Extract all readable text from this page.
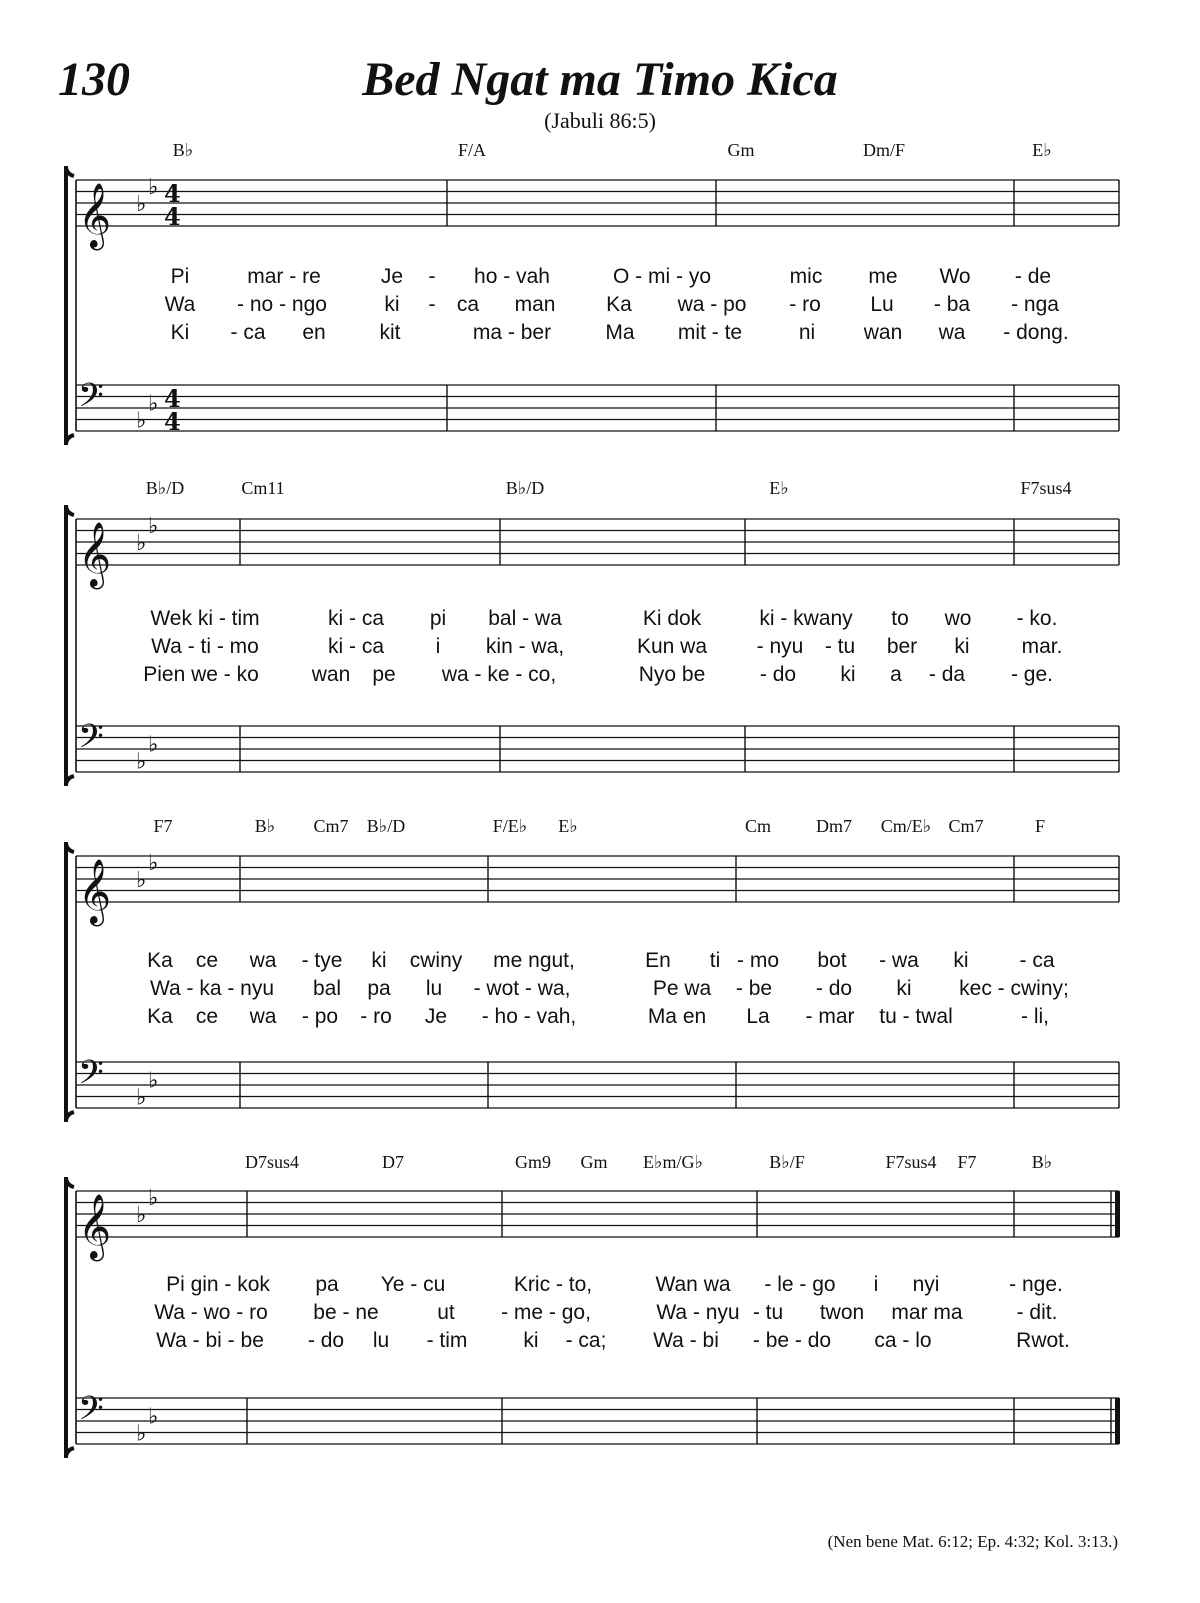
130	Bed Ngat ma Timo Kica
(Jabuli 86:5)
𝄞 ♭
♭ 4
4
𝄢 ♭
♭ 4
4
𝄞 ♭
♭
𝄢 ♭
♭
𝄞 ♭
♭
𝄢 ♭
♭
𝄞 ♭
♭
𝄢 ♭
♭
B♭	F/A	Gm	Dm/F	E♭
Pi	mar - re	Je - ho - vah	O - mi - yo	mic me Wo - de
Wa - no - ngo	ki - ca man Ka wa - po - ro Lu - ba - nga
Ki - ca en	kit	ma - ber	Ma mit - te	ni wan wa - dong.
B♭/D	Cm11	B♭/D	E♭	F7sus4
Wek ki - tim	ki - ca pi bal - wa	Ki dok	ki - kwany to wo - ko.
Wa - ti - mo	ki - ca i kin - wa,	Kun wa - nyu - tu ber ki mar.
Pien we - ko	wan pe wa - ke - co,	Nyo be	- do ki a - da - ge.
F7	B♭ Cm7 B♭/D	F/E♭ E♭	Cm Dm7 Cm/E♭ Cm7	F
Ka ce wa - tye ki cwiny me ngut,	En ti - mo bot - wa ki - ca
Wa - ka - nyu bal pa lu - wot - wa,	Pe wa - be - do ki kec - cwiny;
Ka ce wa - po - ro Je - ho - vah,	Ma en La - mar tu - twal	- li,
D7sus4	D7	Gm9 Gm E♭m/G♭	B♭/F	F7sus4 F7	B♭
Pi gin - kok pa Ye - cu	Kric - to,	Wan wa - le - go i nyi	- nge.
Wa - wo - ro be - ne	ut - me - go,	Wa - nyu - tu twon mar ma	- dit.
Wa - bi - be - do lu - tim	ki - ca; Wa - bi - be - do ca - lo	Rwot.
(Nen bene Mat. 6:12; Ep. 4:32; Kol. 3:13.)
